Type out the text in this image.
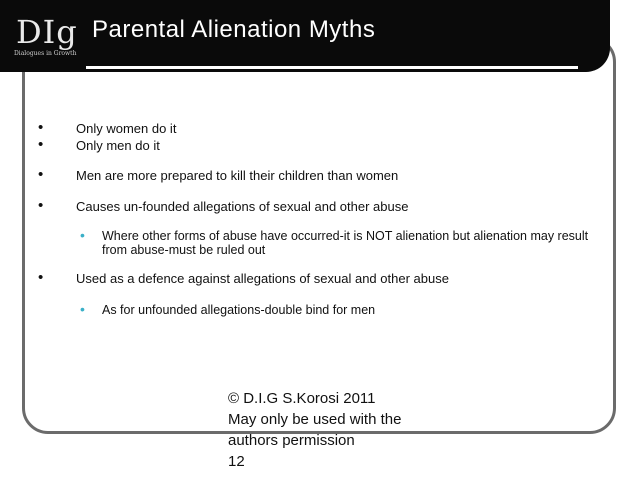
DIg
Dialogues in Growth
Parental Alienation Myths
•	Only women do it
•	Only men do it
•	Men are more prepared to kill their children than women
•	Causes un-founded allegations of sexual and other abuse
• Where other forms of abuse have occurred-it is NOT alienation but alienation may result from abuse-must be ruled out
•	Used as a defence against allegations of sexual and other abuse
• As for unfounded allegations-double bind for men
© D.I.G S.Korosi 2011
May only be used with the
authors permission
12
